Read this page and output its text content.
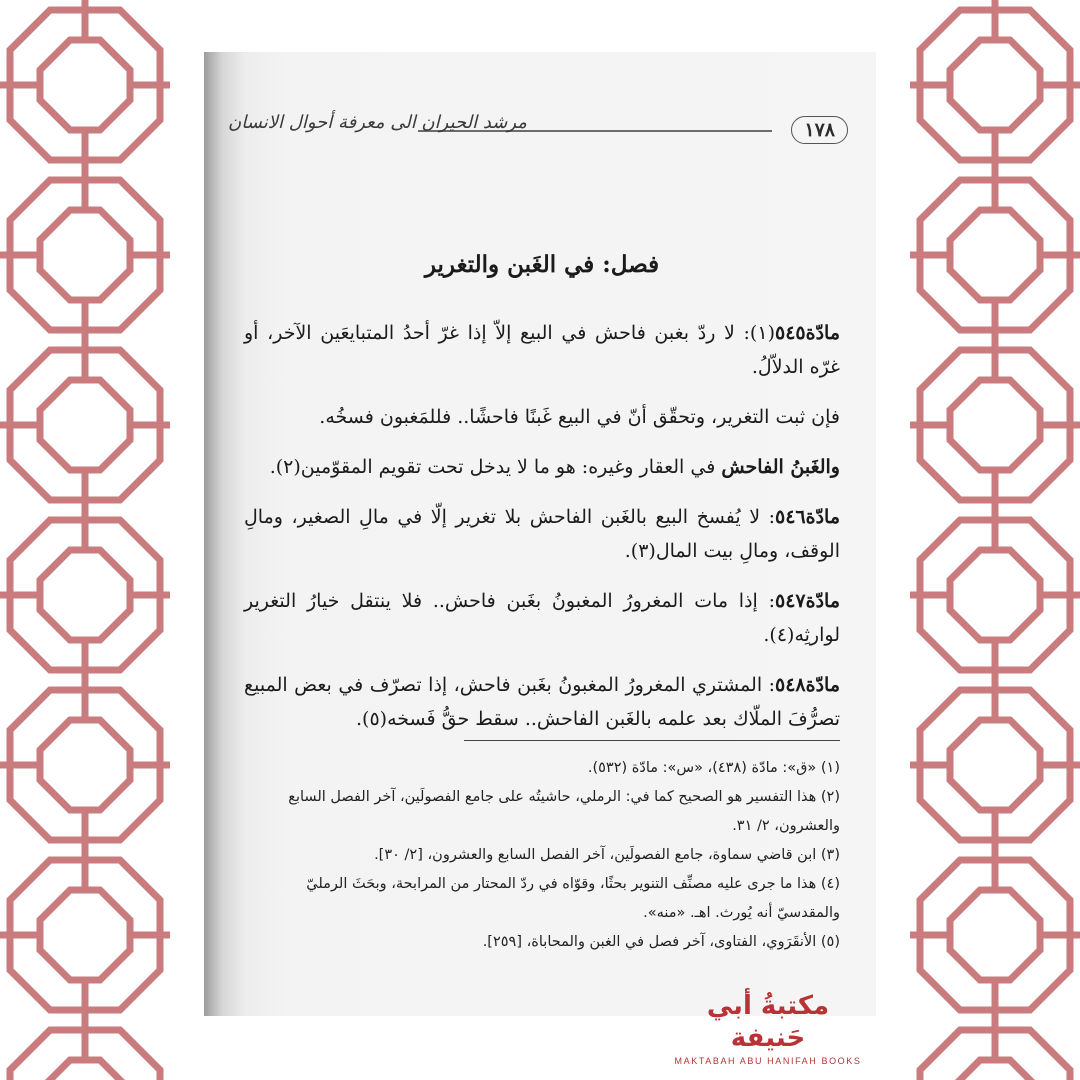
١٧٨
مرشد الحيران الى معرفة أحوال الانسان
فصل: في الغَبن والتغرير

مادّة٥٤٥(١): لا ردّ بغبن فاحش في البيع إلاّ إذا غرّ أحدُ المتبايعَين الآخر، أو غرّه الدلاّلُ.

فإن ثبت التغرير، وتحقّق أنّ في البيع غَبنًا فاحشًا.. فللمَغبون فسخُه.

والغَبنُ الفاحش في العقار وغيره: هو ما لا يدخل تحت تقويم المقوّمين(٢).

مادّة٥٤٦: لا يُفسخ البيع بالغَبن الفاحش بلا تغرير إلّا في مالِ الصغير، ومالِ الوقف، ومالِ بيت المال(٣).

مادّة٥٤٧: إذا مات المغرورُ المغبونُ بغَبن فاحش.. فلا ينتقل خيارُ التغرير لوارثِه(٤).

مادّة٥٤٨: المشتري المغرورُ المغبونُ بغَبن فاحش، إذا تصرّف في بعض المبيع تصرُّفَ الملّاك بعد علمه بالغَبن الفاحش.. سقط حقُّ فَسخه(٥).

(١) «ق»: مادّة (٤٣٨)، «س»: مادّة (٥٣٢).

(٢) هذا التفسير هو الصحيح كما في: الرملي، حاشيتُه على جامع الفصولَين، آخر الفصل السابع والعشرون، ٢/ ٣١.

(٣) ابن قاضي سماوة، جامع الفصولَين، آخر الفصل السابع والعشرون، [٢/ ٣٠].

(٤) هذا ما جرى عليه مصنِّف التنوير بحثًا، وقوّاه في ردّ المحتار من المرابحة، وبحَثَ الرمليّ والمقدسيّ أنه يُورث. اهـ. «منه».

(٥) الأنقَرَوي، الفتاوى، آخر فصل في الغبن والمحاباة، [٢٥٩].

مكتبةُ أبي حَنيفة
MAKTABAH ABU HANIFAH BOOKS
